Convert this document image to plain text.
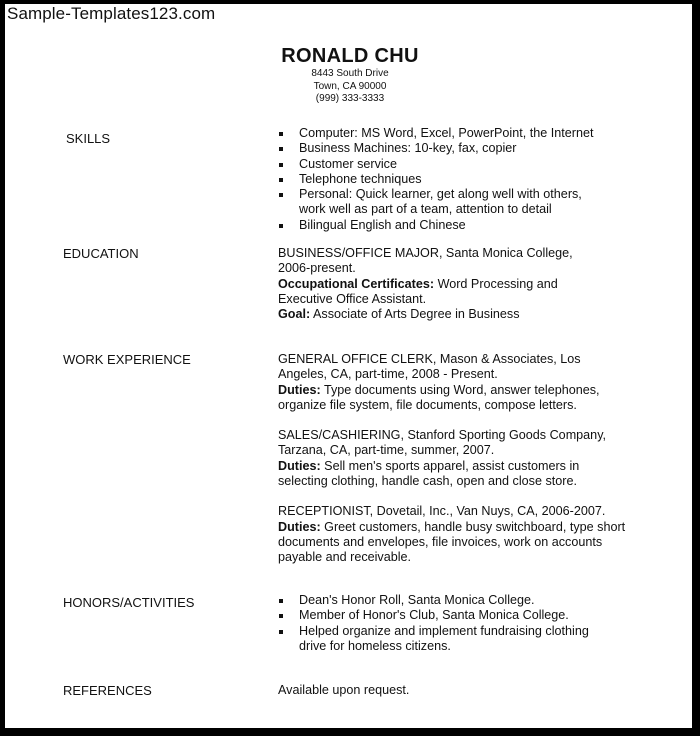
Sample-Templates123.com
RONALD CHU
8443 South Drive
Town, CA 90000
(999) 333-3333
SKILLS	Computer: MS Word, Excel, PowerPoint, the Internet
Business Machines: 10-key, fax, copier
Customer service
Telephone techniques
Personal: Quick learner, get along well with others, work well as part of a team, attention to detail
Bilingual English and Chinese
EDUCATION	BUSINESS/OFFICE MAJOR, Santa Monica College, 2006-present.

Occupational Certificates: Word Processing and Executive Office Assistant.

Goal: Associate of Arts Degree in Business

WORK EXPERIENCE	GENERAL OFFICE CLERK, Mason & Associates, Los Angeles, CA, part-time, 2008 - Present.

Duties: Type documents using Word, answer telephones, organize file system, file documents, compose letters.

SALES/CASHIERING, Stanford Sporting Goods Company, Tarzana, CA, part-time, summer, 2007.

Duties: Sell men's sports apparel, assist customers in selecting clothing, handle cash, open and close store.

RECEPTIONIST, Dovetail, Inc., Van Nuys, CA, 2006-2007.

Duties: Greet customers, handle busy switchboard, type short documents and envelopes, file invoices, work on accounts payable and receivable.

HONORS/ACTIVITIES	Dean's Honor Roll, Santa Monica College.
Member of Honor's Club, Santa Monica College.
Helped organize and implement fundraising clothing drive for homeless citizens.
REFERENCES	Available upon request.
